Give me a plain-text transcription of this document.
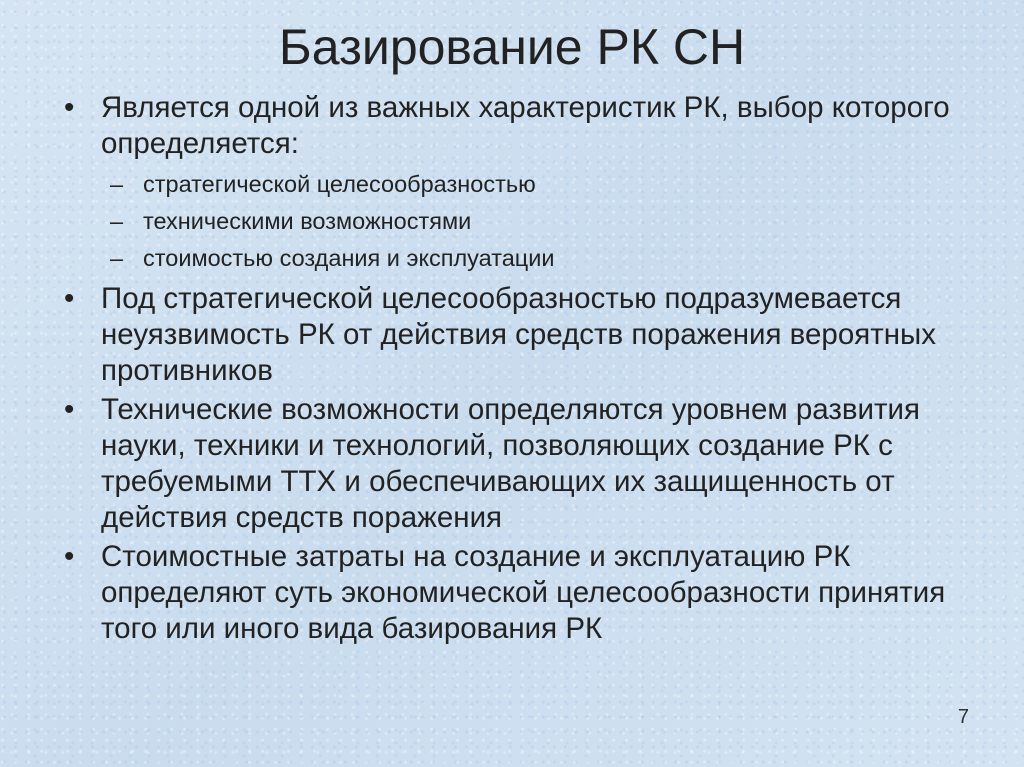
Базирование РК СН
• Является одной из важных характеристик РК, выбор которого определяется:
– стратегической целесообразностью
– техническими возможностями
– стоимостью создания и эксплуатации
• Под стратегической целесообразностью подразумевается неуязвимость РК от действия средств поражения вероятных противников
• Технические возможности определяются уровнем развития науки, техники и технологий, позволяющих создание РК с требуемыми ТТХ и обеспечивающих их защищенность от действия средств поражения
• Стоимостные затраты на создание и эксплуатацию РК определяют суть экономической целесообразности принятия того или иного вида базирования РК
7
